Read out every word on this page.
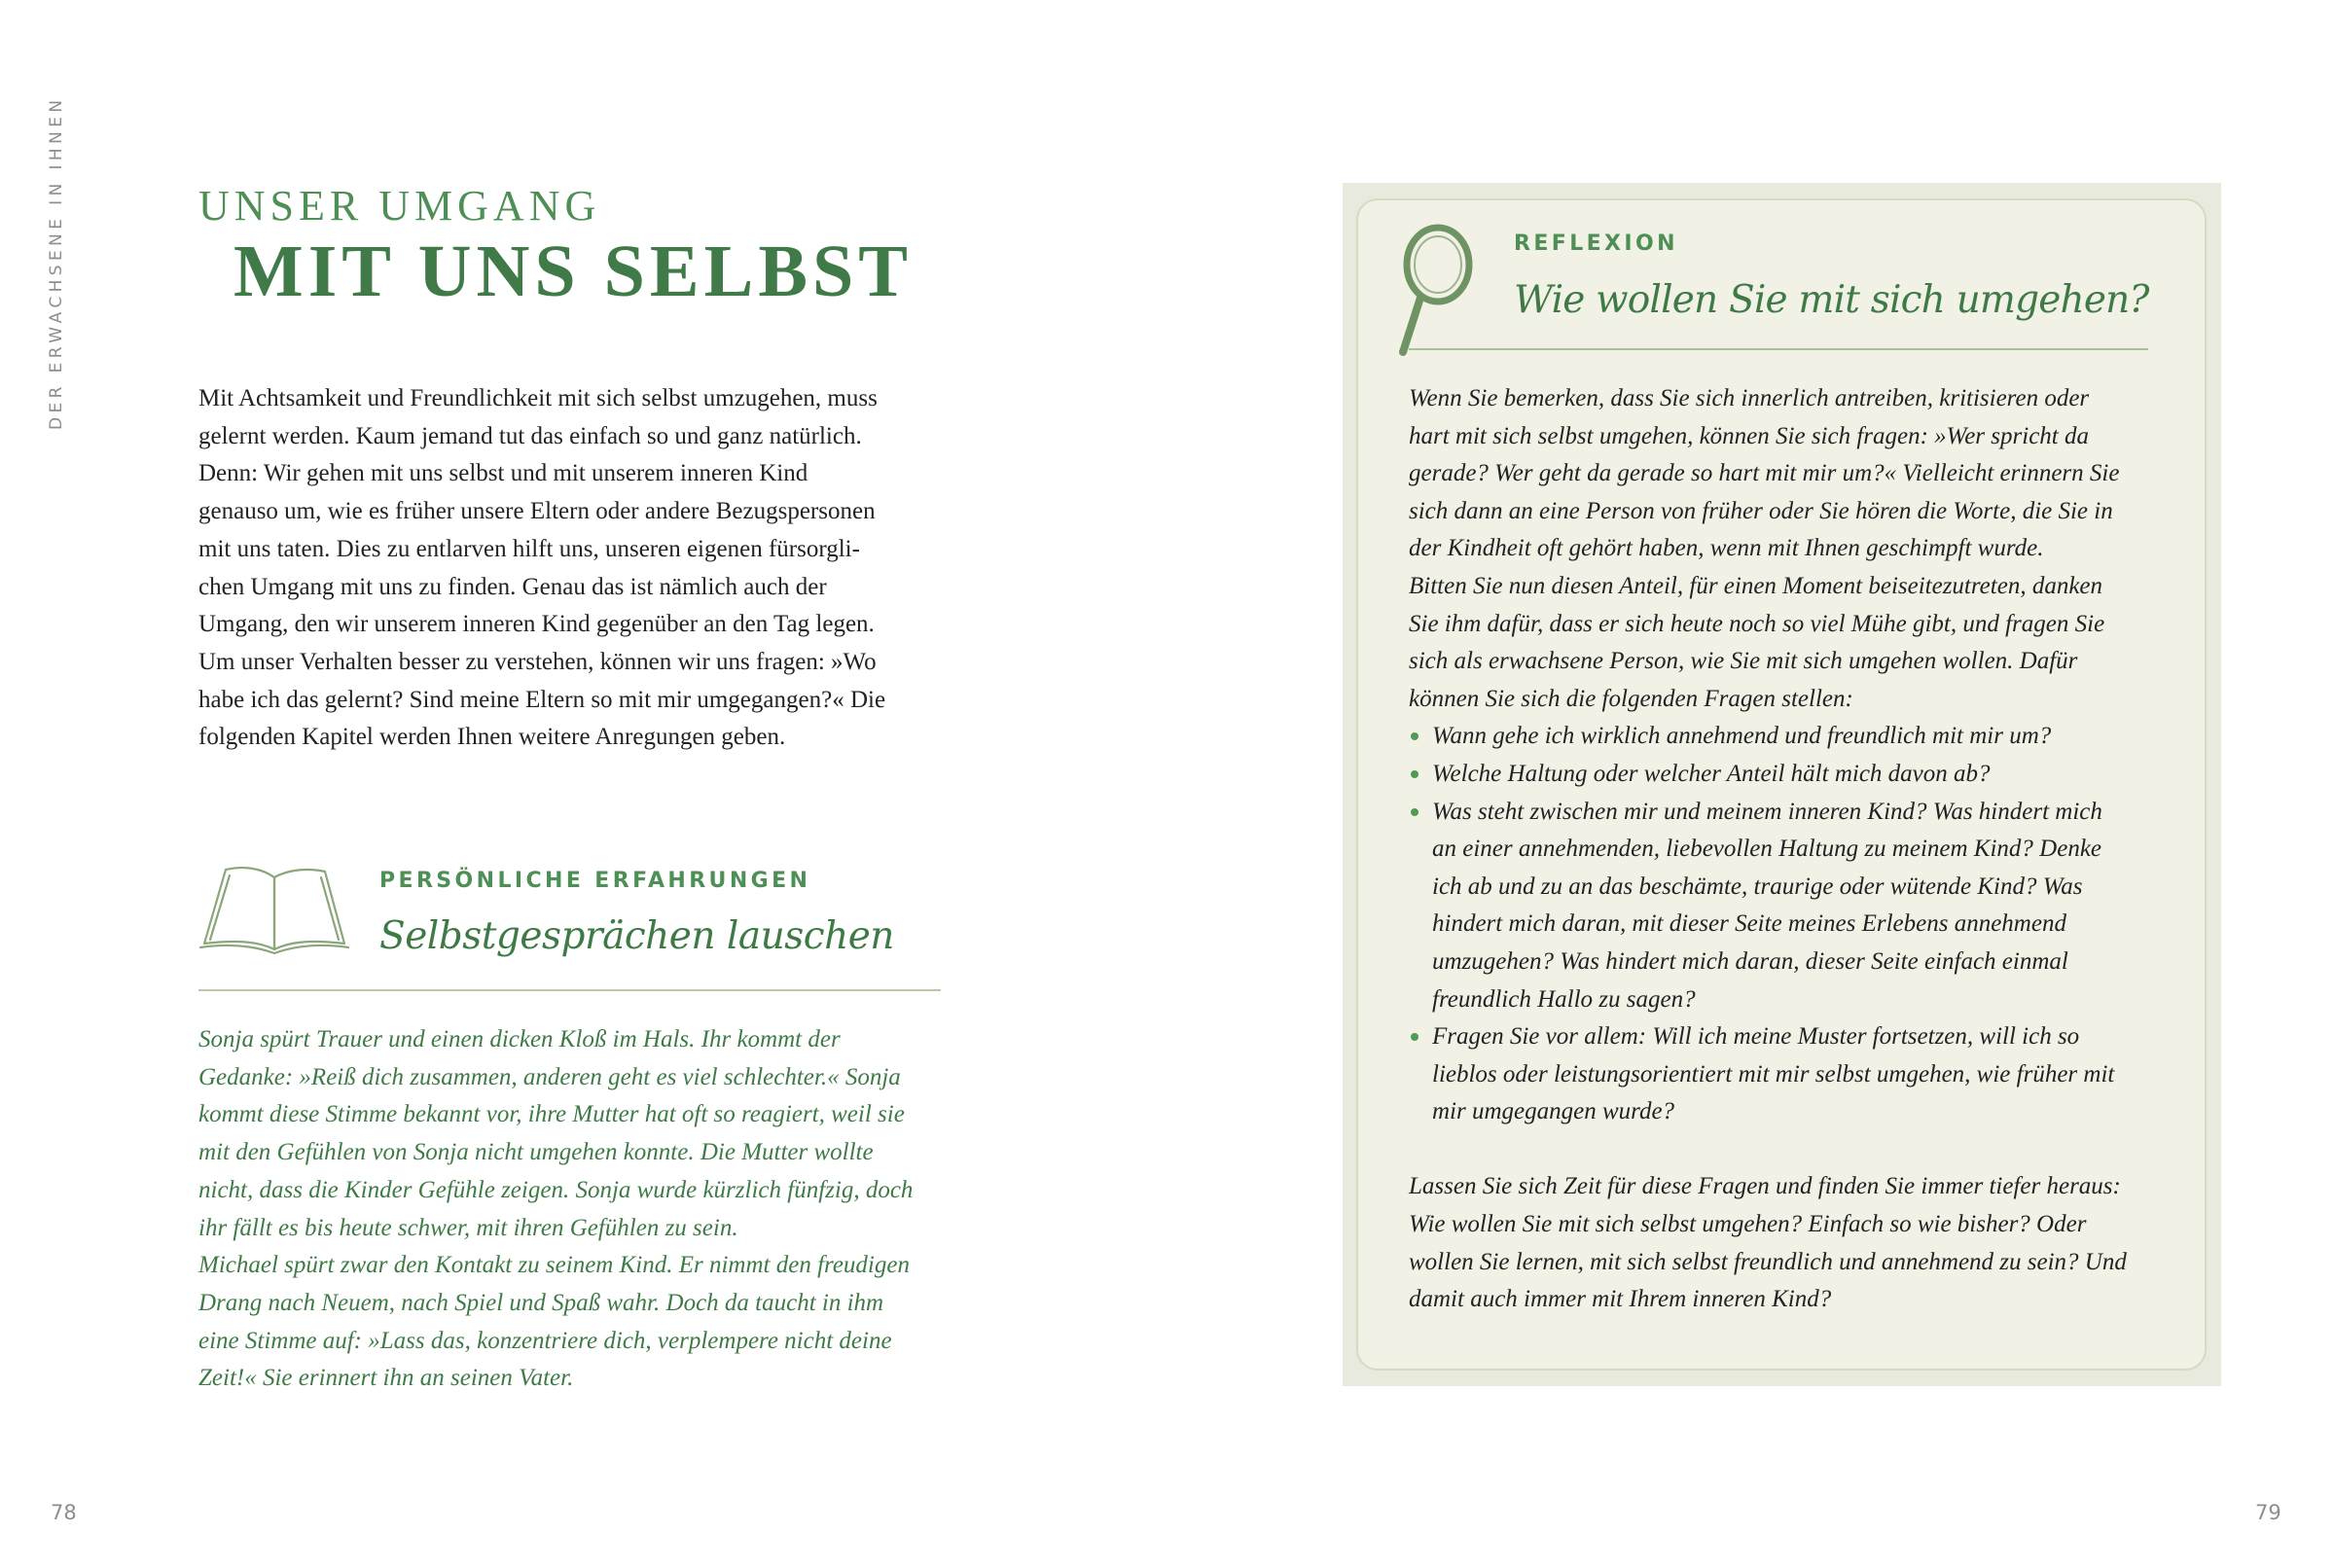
DER ERWACHSENE IN IHNEN	UNSER UMGANG
MIT UNS SELBST
Mit Achtsamkeit und Freundlichkeit mit sich selbst umzugehen, muss
gelernt werden. Kaum jemand tut das einfach so und ganz natürlich.
Denn: Wir gehen mit uns selbst und mit unserem inneren Kind
genauso um, wie es früher unsere Eltern oder andere Bezugspersonen
mit uns taten. Dies zu entlarven hilft uns, unseren eigenen fürsorgli-
chen Umgang mit uns zu finden. Genau das ist nämlich auch der
Umgang, den wir unserem inneren Kind gegenüber an den Tag legen.
Um unser Verhalten besser zu verstehen, können wir uns fragen: »Wo
habe ich das gelernt? Sind meine Eltern so mit mir umgegangen?« Die
folgenden Kapitel werden Ihnen weitere Anregungen geben.
PERSÖNLICHE ERFAHRUNGEN
Selbstgesprächen lauschen
Sonja spürt Trauer und einen dicken Kloß im Hals. Ihr kommt der
Gedanke: »Reiß dich zusammen, anderen geht es viel schlechter.« Sonja
kommt diese Stimme bekannt vor, ihre Mutter hat oft so reagiert, weil sie
mit den Gefühlen von Sonja nicht umgehen konnte. Die Mutter wollte
nicht, dass die Kinder Gefühle zeigen. Sonja wurde kürzlich fünfzig, doch
ihr fällt es bis heute schwer, mit ihren Gefühlen zu sein.
Michael spürt zwar den Kontakt zu seinem Kind. Er nimmt den freudigen
Drang nach Neuem, nach Spiel und Spaß wahr. Doch da taucht in ihm
eine Stimme auf: »Lass das, konzentriere dich, verplempere nicht deine
Zeit!« Sie erinnert ihn an seinen Vater.
REFLEXION
Wie wollen Sie mit sich umgehen?
Wenn Sie bemerken, dass Sie sich innerlich antreiben, kritisieren oder
hart mit sich selbst umgehen, können Sie sich fragen: »Wer spricht da
gerade? Wer geht da gerade so hart mit mir um?« Vielleicht erinnern Sie
sich dann an eine Person von früher oder Sie hören die Worte, die Sie in
der Kindheit oft gehört haben, wenn mit Ihnen geschimpft wurde.
Bitten Sie nun diesen Anteil, für einen Moment beiseitezutreten, danken
Sie ihm dafür, dass er sich heute noch so viel Mühe gibt, und fragen Sie
sich als erwachsene Person, wie Sie mit sich umgehen wollen. Dafür
können Sie sich die folgenden Fragen stellen:
Wann gehe ich wirklich annehmend und freundlich mit mir um?
Welche Haltung oder welcher Anteil hält mich davon ab?
Was steht zwischen mir und meinem inneren Kind? Was hindert mich
an einer annehmenden, liebevollen Haltung zu meinem Kind? Denke
ich ab und zu an das beschämte, traurige oder wütende Kind? Was
hindert mich daran, mit dieser Seite meines Erlebens annehmend
umzugehen? Was hindert mich daran, dieser Seite einfach einmal
freundlich Hallo zu sagen?
Fragen Sie vor allem: Will ich meine Muster fortsetzen, will ich so
lieblos oder leistungsorientiert mit mir selbst umgehen, wie früher mit
mir umgegangen wurde?
Lassen Sie sich Zeit für diese Fragen und finden Sie immer tiefer heraus:
Wie wollen Sie mit sich selbst umgehen? Einfach so wie bisher? Oder
wollen Sie lernen, mit sich selbst freundlich und annehmend zu sein? Und
damit auch immer mit Ihrem inneren Kind?
78	79
